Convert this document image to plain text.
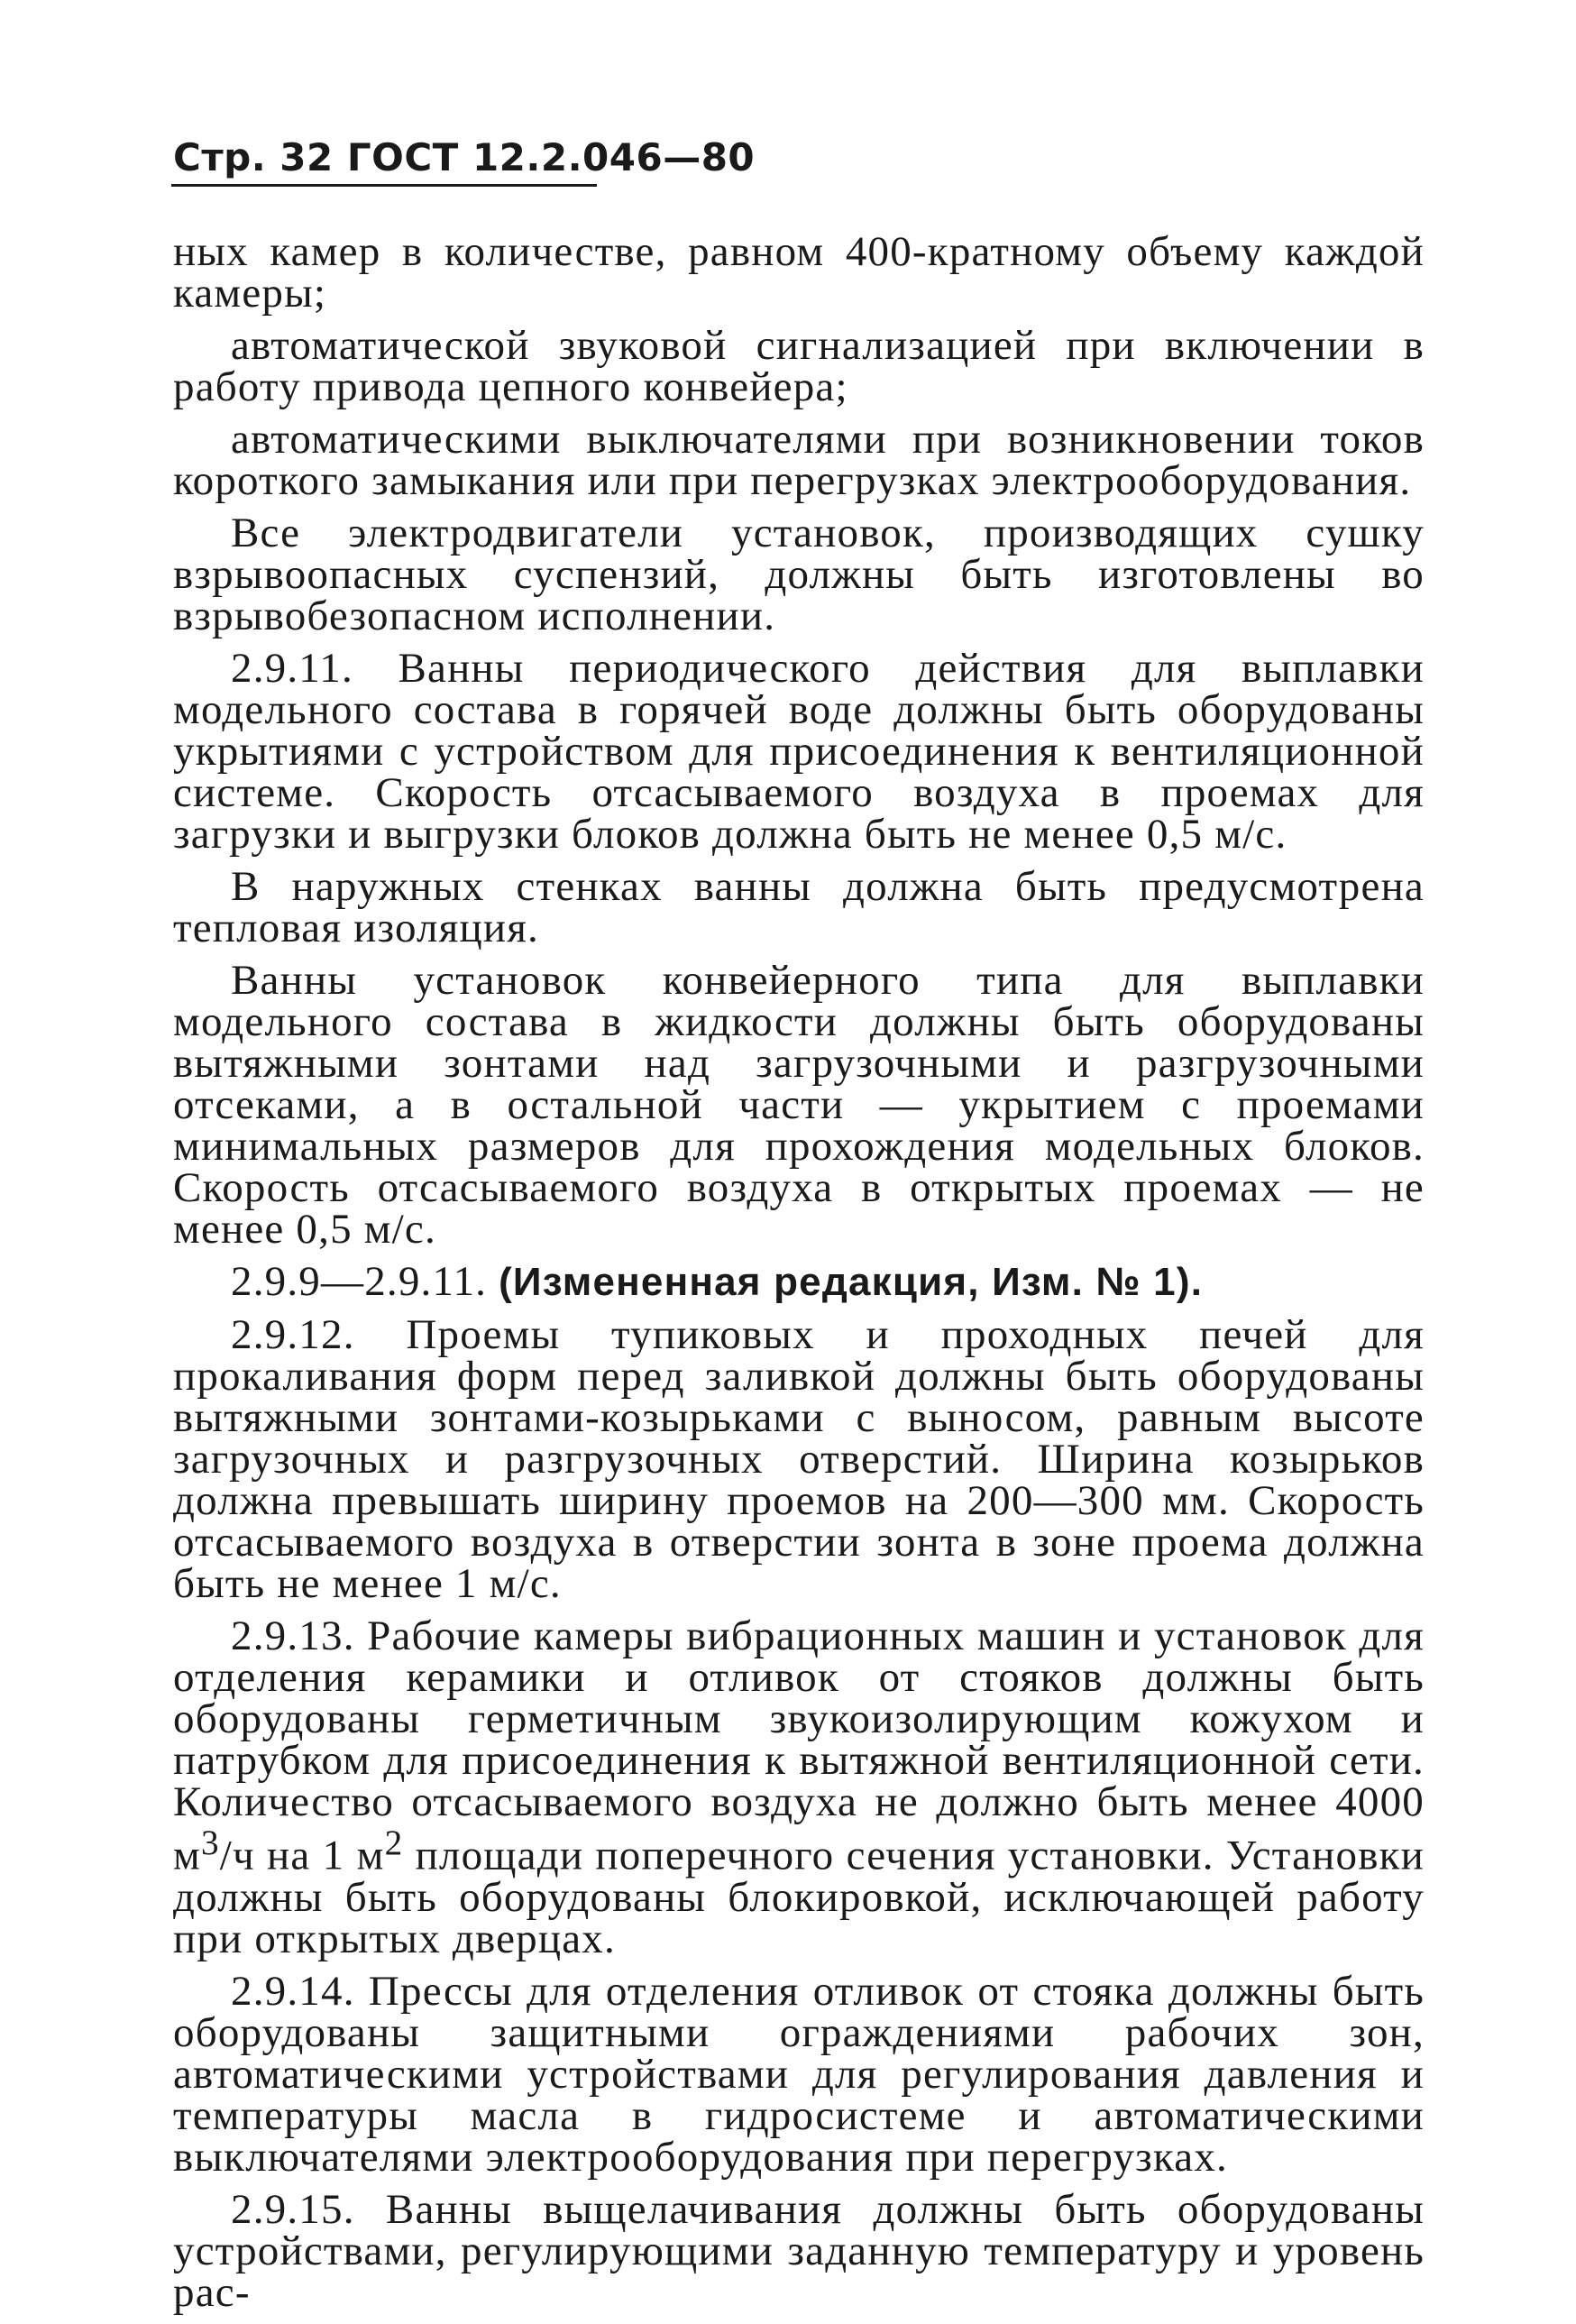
Стр. 32 ГОСТ 12.2.046—80

ных камер в количестве, равном 400-кратному объему каждой камеры;

автоматической звуковой сигнализацией при включении в работу привода цепного конвейера;

автоматическими выключателями при возникновении токов короткого замыкания или при перегрузках электрооборудования.

Все электродвигатели установок, производящих сушку взрывоопасных суспензий, должны быть изготовлены во взрывобезопасном исполнении.

2.9.11. Ванны периодического действия для выплавки модельного состава в горячей воде должны быть оборудованы укрытиями с устройством для присоединения к вентиляционной системе. Скорость отсасываемого воздуха в проемах для загрузки и выгрузки блоков должна быть не менее 0,5 м/с.

В наружных стенках ванны должна быть предусмотрена тепловая изоляция.

Ванны установок конвейерного типа для выплавки модельного состава в жидкости должны быть оборудованы вытяжными зонтами над загрузочными и разгрузочными отсеками, а в остальной части — укрытием с проемами минимальных размеров для прохождения модельных блоков. Скорость отсасываемого воздуха в открытых проемах — не менее 0,5 м/с.

2.9.9—2.9.11. (Измененная редакция, Изм. № 1).

2.9.12. Проемы тупиковых и проходных печей для прокаливания форм перед заливкой должны быть оборудованы вытяжными зонтами-козырьками с выносом, равным высоте загрузочных и разгрузочных отверстий. Ширина козырьков должна превышать ширину проемов на 200—300 мм. Скорость отсасываемого воздуха в отверстии зонта в зоне проема должна быть не менее 1 м/с.

2.9.13. Рабочие камеры вибрационных машин и установок для отделения керамики и отливок от стояков должны быть оборудованы герметичным звукоизолирующим кожухом и патрубком для присоединения к вытяжной вентиляционной сети. Количество отсасываемого воздуха не должно быть менее 4000 $м^3/ч$ на 1 $м^2$ площади поперечного сечения установки. Установки должны быть оборудованы блокировкой, исключающей работу при открытых дверцах.

2.9.14. Прессы для отделения отливок от стояка должны быть оборудованы защитными ограждениями рабочих зон, автоматическими устройствами для регулирования давления и температуры масла в гидросистеме и автоматическими выключателями электрооборудования при перегрузках.

2.9.15. Ванны выщелачивания должны быть оборудованы устройствами, регулирующими заданную температуру и уровень рас-
